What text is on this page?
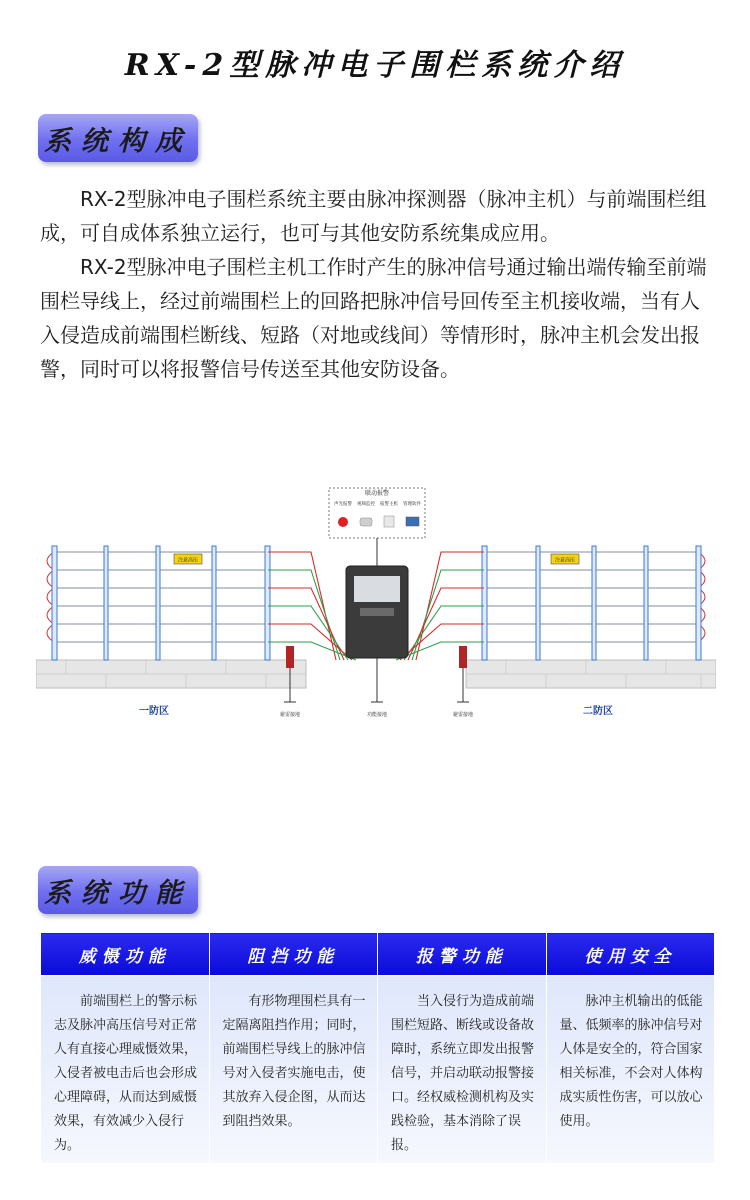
RX-2型脉冲电子围栏系统介绍
系统构成

RX-2型脉冲电子围栏系统主要由脉冲探测器（脉冲主机）与前端围栏组成，可自成体系独立运行，也可与其他安防系统集成应用。

RX-2型脉冲电子围栏主机工作时产生的脉冲信号通过输出端传输至前端围栏导线上，经过前端围栏上的回路把脉冲信号回传至主机接收端，当有人入侵造成前端围栏断线、短路（对地或线间）等情形时，脉冲主机会发出报警，同时可以将报警信号传送至其他安防设备。

联动报警
声光报警 视频监控 报警主机 管理软件
注意高压	注意高压
避雷接地	功能接地	避雷接地
一防区	二防区
系统功能
威慑功能	阻挡功能	报警功能	使用安全

前端围栏上的警示标志及脉冲高压信号对正常人有直接心理威慑效果，入侵者被电击后也会形成心理障碍，从而达到威慑效果，有效减少入侵行为。	有形物理围栏具有一定隔离阻挡作用；同时，前端围栏导线上的脉冲信号对入侵者实施电击，使其放弃入侵企图，从而达到阻挡效果。	当入侵行为造成前端围栏短路、断线或设备故障时，系统立即发出报警信号，并启动联动报警接口。经权威检测机构及实践检验，基本消除了误报。	脉冲主机输出的低能量、低频率的脉冲信号对人体是安全的，符合国家相关标准，不会对人体构成实质性伤害，可以放心使用。
